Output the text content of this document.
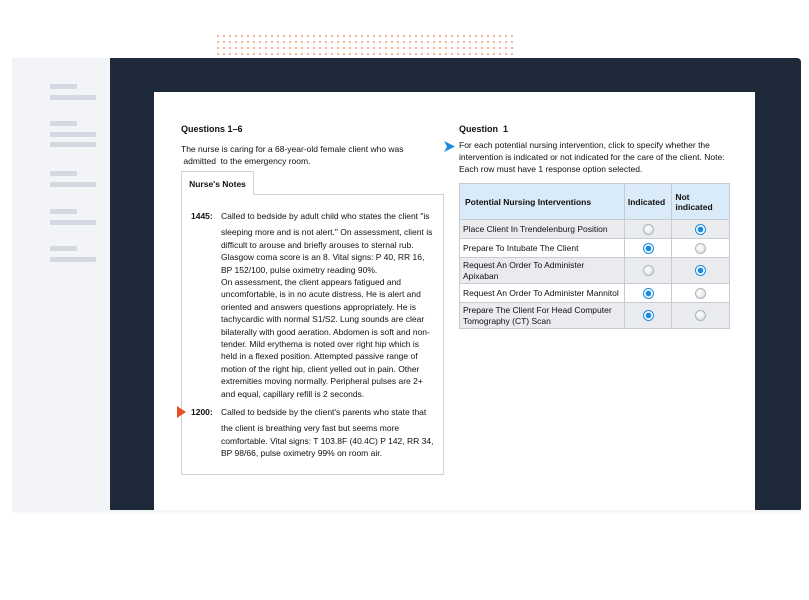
Questions 1–6
The nurse is caring for a 68-year-old female client who was
admitted  to the emergency room.
Nurse's Notes
1445: Called to bedside by adult child who states the client "is
sleeping more and is not alert." On assessment, client is
difficult to arouse and briefly arouses to sternal rub.
Glasgow coma score is an 8. Vital signs: P 40, RR 16,
BP 152/100, pulse oximetry reading 90%.
On assessment, the client appears fatigued and
uncomfortable, is in no acute distress. He is alert and
oriented and answers questions appropriately. He is
tachycardic with normal S1/S2. Lung sounds are clear
bilaterally with good aeration. Abdomen is soft and non-
tender. Mild erythema is noted over right hip which is
held in a flexed position. Attempted passive range of
motion of the right hip, client yelled out in pain. Other
extremities moving normally. Peripheral pulses are 2+
and equal, capillary refill is 2 seconds.
1200: Called to bedside by the client's parents who state that
the client is breathing very fast but seems more
comfortable. Vital signs: T 103.8F (40.4C) P 142, RR 34,
BP 98/66, pulse oximetry 99% on room air.
Question  1
For each potential nursing intervention, click to specify whether the
intervention is indicated or not indicated for the care of the client. Note:
Each row must have 1 response option selected.
Potential Nursing Interventions	Indicated	Not
indicated

Place Client In Trendelenburg Position		

Prepare To Intubate The Client		

Request An Order To Administer
Apixaban		

Request An Order To Administer Mannitol		

Prepare The Client For Head Computer
Tomography (CT) Scan		
